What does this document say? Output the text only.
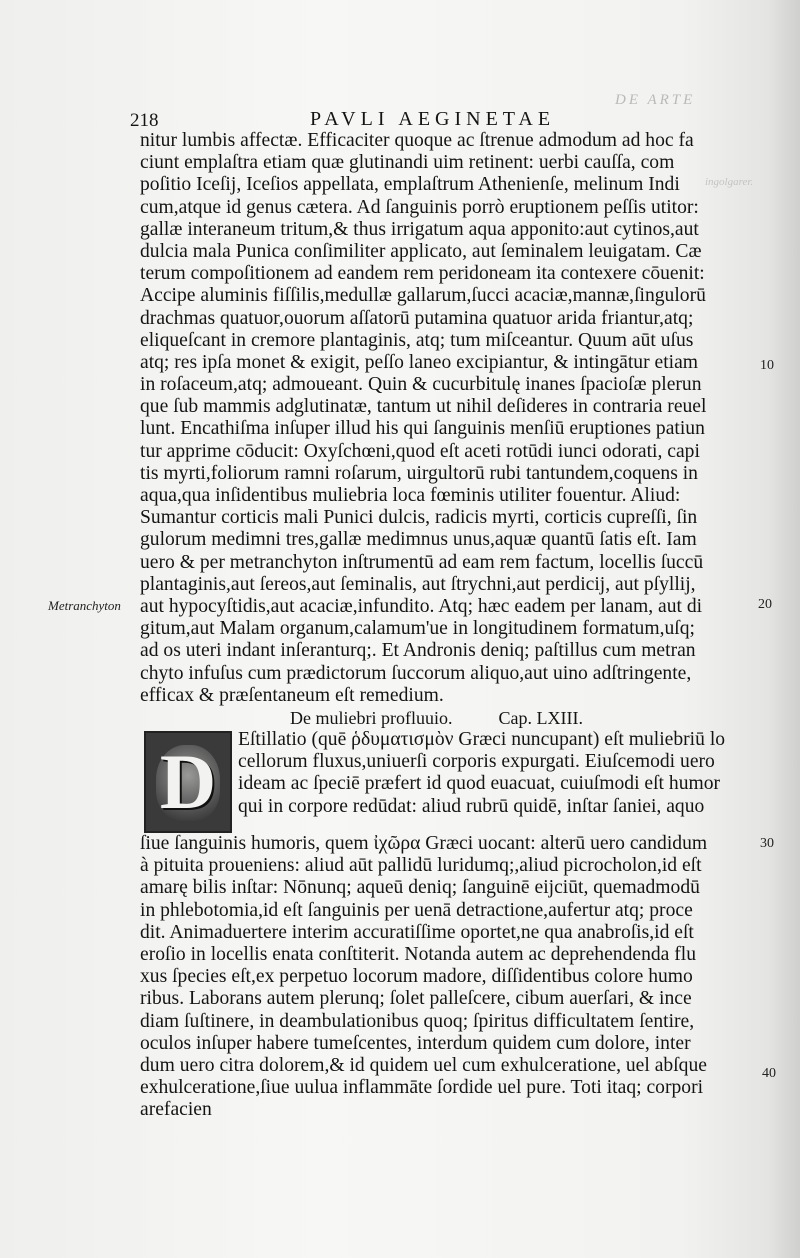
DE ARTE
ingolgarer.
218	PAVLI AEGINETAE
nitur lumbis affectæ. Efficaciter quoque ac ſtrenue admodum ad hoc fa
ciunt emplaſtra etiam quæ glutinandi uim retinent: uerbi cauſſa, com
poſitio Iceſij, Iceſios appellata, emplaſtrum Athenienſe, melinum Indi
cum,atque id genus cætera. Ad ſanguinis porrò eruptionem peſſis utitor:
gallæ interaneum tritum,& thus irrigatum aqua apponito:aut cytinos,aut
dulcia mala Punica conſimiliter applicato, aut ſeminalem leuigatam. Cæ
terum compoſitionem ad eandem rem peridoneam ita contexere cōuenit:
Accipe aluminis fiſſilis,medullæ gallarum,ſucci acaciæ,mannæ,ſingulorū
drachmas quatuor,ouorum aſſatorū putamina quatuor arida friantur,atq;
eliqueſcant in cremore plantaginis, atq; tum miſceantur. Quum aūt uſus
atq; res ipſa monet & exigit, peſſo laneo excipiantur, & intingātur etiam
in roſaceum,atq; admoueant. Quin & cucurbitulę inanes ſpacioſæ plerun
que ſub mammis adglutinatæ, tantum ut nihil deſideres in contraria reuel
lunt. Encathiſma inſuper illud his qui ſanguinis menſiū eruptiones patiun
tur apprime cōducit: Oxyſchœni,quod eſt aceti rotūdi iunci odorati, capi
tis myrti,foliorum ramni roſarum, uirgultorū rubi tantundem,coquens in
aqua,qua inſidentibus muliebria loca fœminis utiliter fouentur. Aliud:
Sumantur corticis mali Punici dulcis, radicis myrti, corticis cupreſſi, ſin
gulorum medimni tres,gallæ medimnus unus,aquæ quantū ſatis eſt. Iam
uero & per metranchyton inſtrumentū ad eam rem factum, locellis ſuccū
plantaginis,aut ſereos,aut ſeminalis, aut ſtrychni,aut perdicij, aut pſyllij,
aut hypocyſtidis,aut acaciæ,infundito. Atq; hæc eadem per lanam, aut di
gitum,aut Malam organum,calamum'ue in longitudinem formatum,uſq;
ad os uteri indant inſeranturq;. Et Andronis deniq; paſtillus cum metran
chyto infuſus cum prædictorum ſuccorum aliquo,aut uino adſtringente,
efficax & præſentaneum eſt remedium.
De muliebri profluuio.	Cap. LXIII.
D	Eſtillatio (quē ῥδυματισμὸν Græci nuncupant) eſt muliebriū lo
cellorum fluxus,uniuerſi corporis expurgati. Eiuſcemodi uero
ideam ac ſpeciē præfert id quod euacuat, cuiuſmodi eſt humor
qui in corpore redūdat: aliud rubrū quidē, inſtar ſaniei, aquo
ſiue ſanguinis humoris, quem ἰχῶρα Græci uocant: alterū uero candidum
à pituita proueniens: aliud aūt pallidū luridumq;,aliud picrocholon,id eſt
amarę bilis inſtar: Nōnunq; aqueū deniq; ſanguinē eijciūt, quemadmodū
in phlebotomia,id eſt ſanguinis per uenā detractione,aufertur atq; proce
dit. Animaduertere interim accuratiſſime oportet,ne qua anabroſis,id eſt
eroſio in locellis enata conſtiterit. Notanda autem ac deprehendenda flu
xus ſpecies eſt,ex perpetuo locorum madore, diſſidentibus colore humo
ribus. Laborans autem plerunq; ſolet palleſcere, cibum auerſari, & ince
diam ſuſtinere, in deambulationibus quoq; ſpiritus difficultatem ſentire,
oculos inſuper habere tumeſcentes, interdum quidem cum dolore, inter
dum uero citra dolorem,& id quidem uel cum exhulceratione, uel abſque
exhulceratione,ſiue uulua inflammāte ſordide uel pure. Toti itaq; corpori
arefacien
Metranchyton
10
20
30
40
